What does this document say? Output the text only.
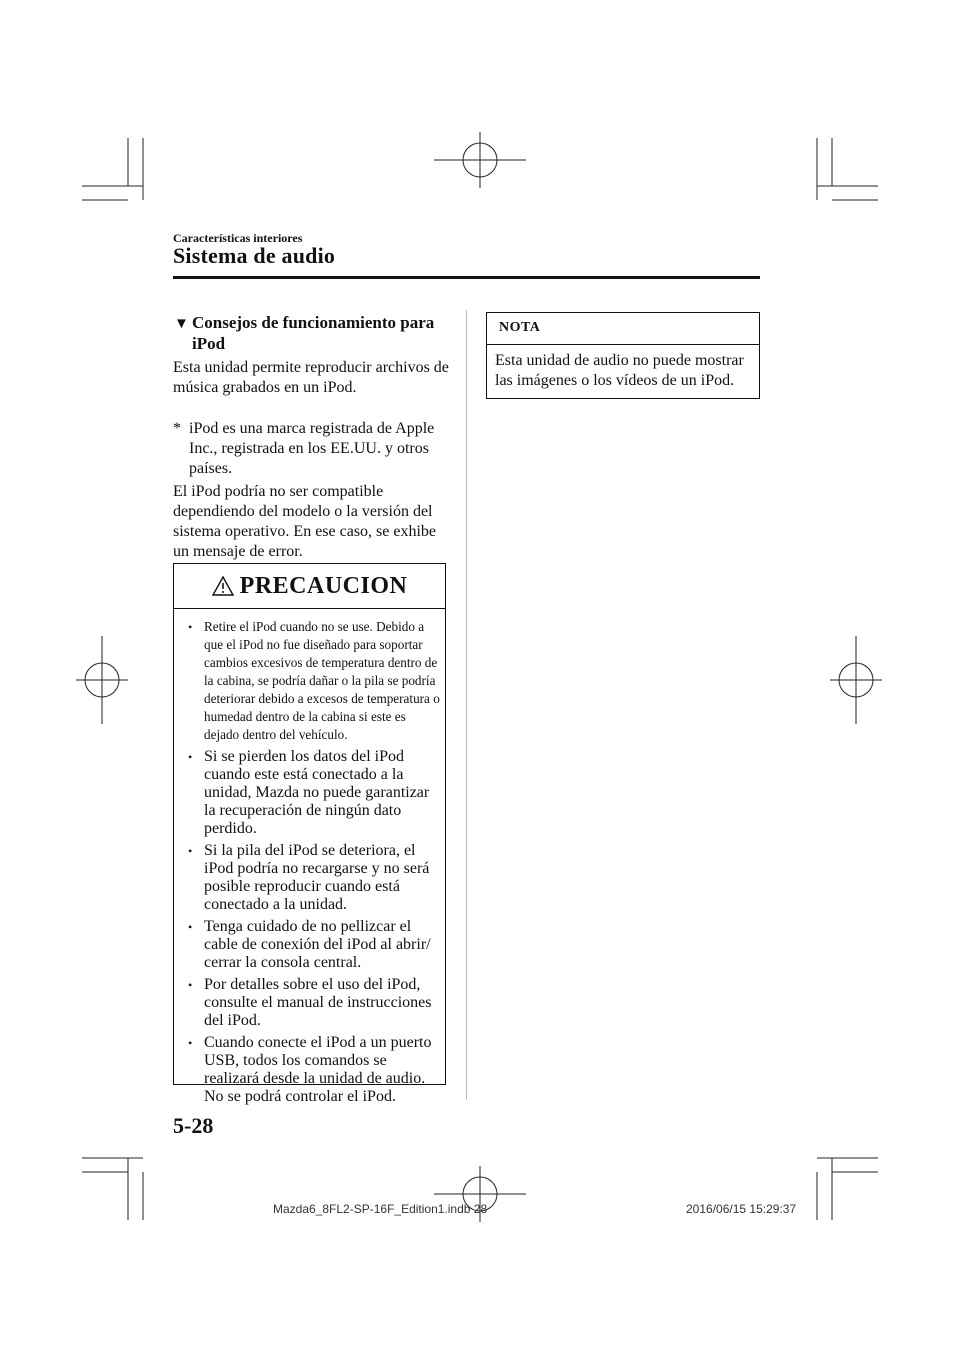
Características interiores
Sistema de audio
▼ Consejos de funcionamiento para
iPod
Esta unidad permite reproducir archivos de música grabados en un iPod.
* iPod es una marca registrada de Apple Inc., registrada en los EE.UU. y otros países.
El iPod podría no ser compatible dependiendo del modelo o la versión del sistema operativo. En ese caso, se exhibe un mensaje de error.
PRECAUCION
• Retire el iPod cuando no se use. Debido a que el iPod no fue diseñado para soportar cambios excesivos de temperatura dentro de la cabina, se podría dañar o la pila se podría deteriorar debido a excesos de temperatura o humedad dentro de la cabina si este es dejado dentro del vehículo.
• Si se pierden los datos del iPod cuando este está conectado a la unidad, Mazda no puede garantizar la recuperación de ningún dato perdido.
• Si la pila del iPod se deteriora, el iPod podría no recargarse y no será posible reproducir cuando está conectado a la unidad.
• Tenga cuidado de no pellizcar el cable de conexión del iPod al abrir/ cerrar la consola central.
• Por detalles sobre el uso del iPod, consulte el manual de instrucciones del iPod.
• Cuando conecte el iPod a un puerto USB, todos los comandos se realizará desde la unidad de audio. No se podrá controlar el iPod.
NOTA
Esta unidad de audio no puede mostrar las imágenes o los vídeos de un iPod.
5-28
Mazda6_8FL2-SP-16F_Edition1.indb 28	2016/06/15 15:29:37
